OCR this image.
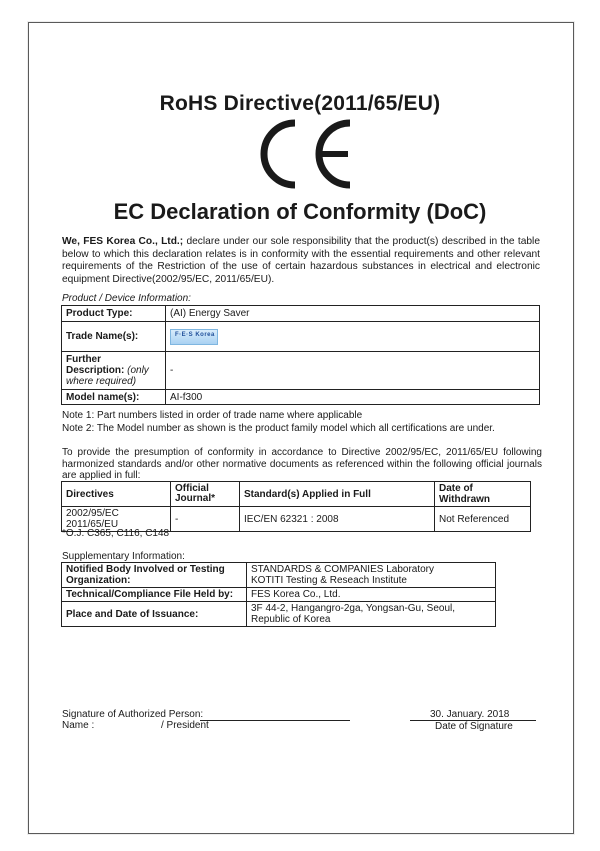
RoHS Directive(2011/65/EU)
EC Declaration of Conformity (DoC)
We, FES Korea Co., Ltd.; declare under our sole responsibility that the product(s) described in the table below to which this declaration relates is in conformity with the essential requirements and other relevant requirements of the Restriction of the use of certain hazardous substances in electrical and electronic equipment Directive(2002/95/EC, 2011/65/EU).
Product / Device Information:
Product Type:	(AI) Energy Saver
Trade Name(s):	F·E·S Korea

Further Description: (only where required)	-
Model name(s):	AI-f300
Note 1: Part numbers listed in order of trade name where applicable
Note 2: The Model number as shown is the product family model which all certifications are under.
To provide the presumption of conformity in accordance to Directive 2002/95/EC, 2011/65/EU following harmonized standards and/or other normative documents as referenced within the following official journals are applied in full:
Directives	Official Journal*	Standard(s) Applied in Full	Date of Withdrawn
2002/95/EC
2011/65/EU	-	IEC/EN 62321 : 2008	Not Referenced
*O.J. C365, C116, C148
Supplementary Information:
Notified Body Involved or Testing Organization:	STANDARDS & COMPANIES Laboratory
KOTITI Testing & Reseach Institute
Technical/Compliance File Held by:	FES Korea Co., Ltd.
Place and Date of Issuance:	3F 44-2, Hangangro-2ga, Yongsan-Gu, Seoul,
Republic of Korea
Signature of Authorized Person:
Name :	/ President
30. January. 2018
Date of Signature
